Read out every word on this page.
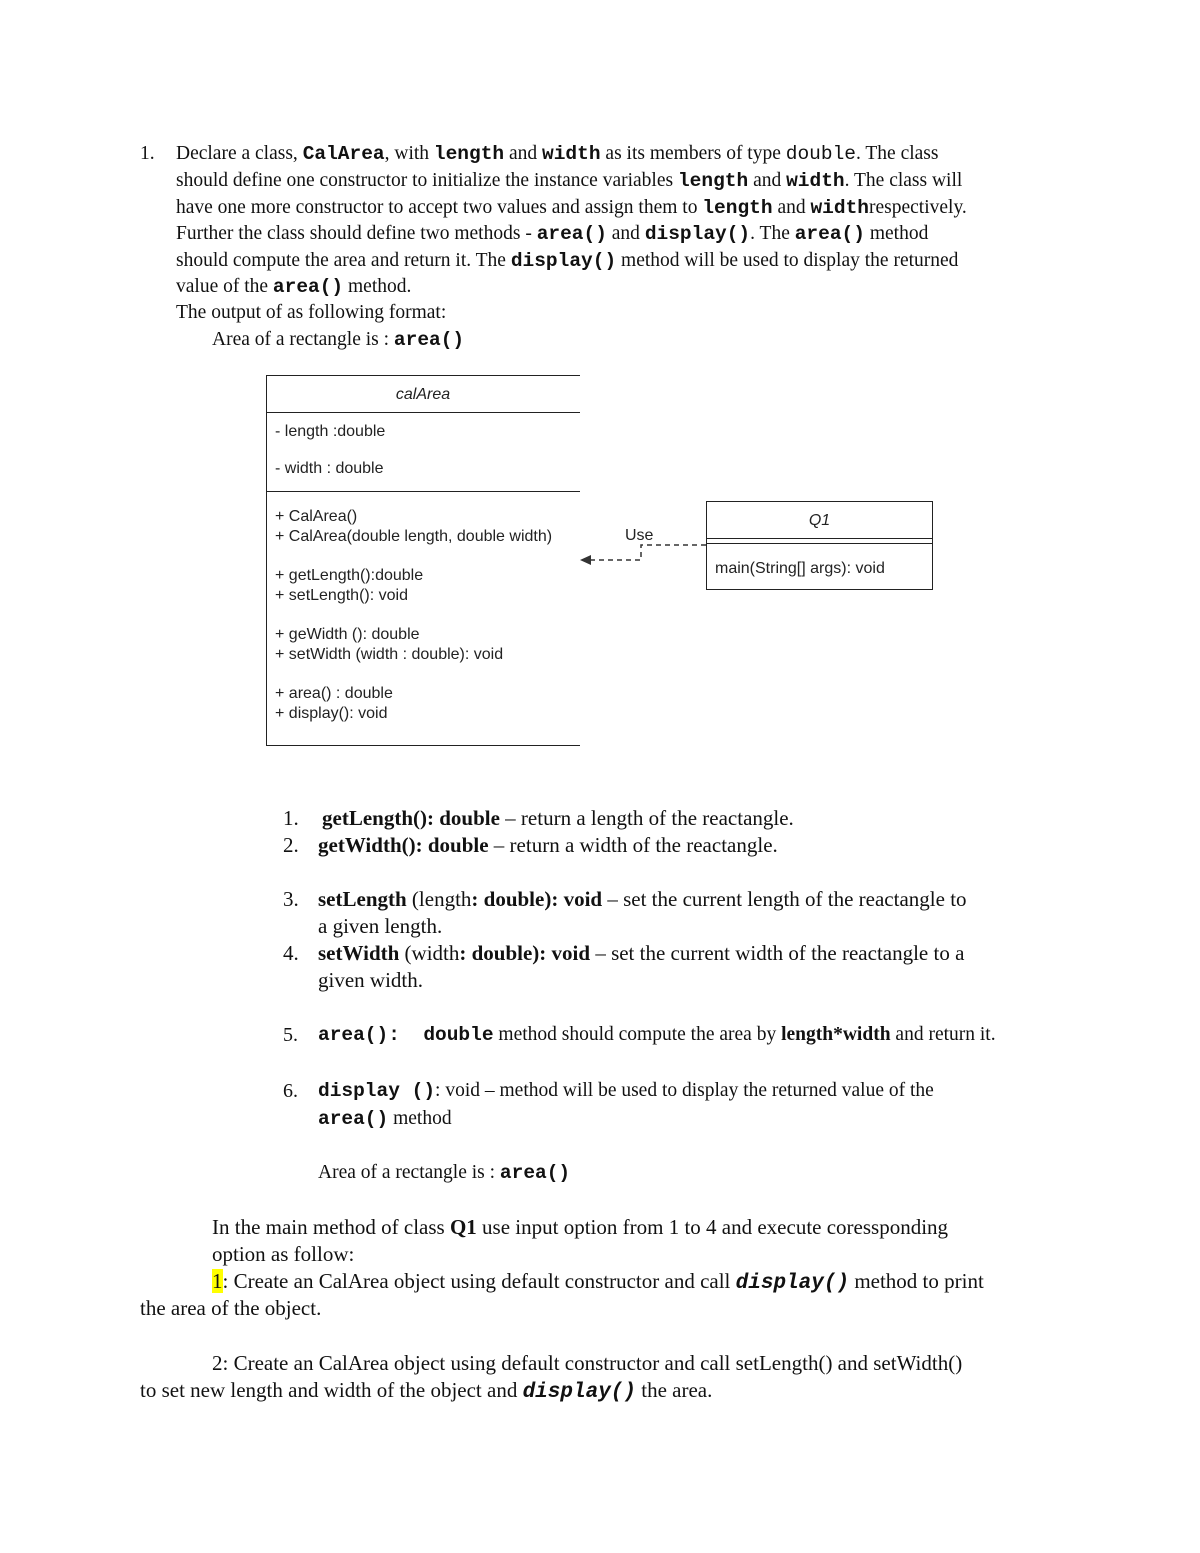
1. Declare a class, CalArea, with length and width as its members of type double. The class
should define one constructor to initialize the instance variables length and width. The class will
have one more constructor to accept two values and assign them to length and widthrespectively.
Further the class should define two methods - area() and display(). The area() method
should compute the area and return it. The display() method will be used to display the returned
value of the area() method.
The output of as following format:
Area of a rectangle is : area()
calArea
- length :double
- width : double
+ CalArea()
+ CalArea(double length, double width)
+ getLength():double
+ setLength(): void
+ geWidth (): double
+ setWidth (width : double): void
+ area() : double
+ display(): void
Use
Q1
main(String[] args): void
1. getLength(): double – return a length of the reactangle.
2. getWidth(): double – return a width of the reactangle.
3. setLength (length: double): void – set the current length of the reactangle to
a given length.
4. setWidth (width: double): void – set the current width of the reactangle to a
given width.
5. area():  double method should compute the area by length*width and return it.
6. display (): void – method will be used to display the returned value of the
area() method
Area of a rectangle is : area()
In the main method of class Q1 use input option from 1 to 4 and execute coressponding
option as follow:
1: Create an CalArea object using default constructor and call display() method to print
the area of the object.
2: Create an CalArea object using default constructor and call setLength() and setWidth()
to set new length and width of the object and display() the area.
